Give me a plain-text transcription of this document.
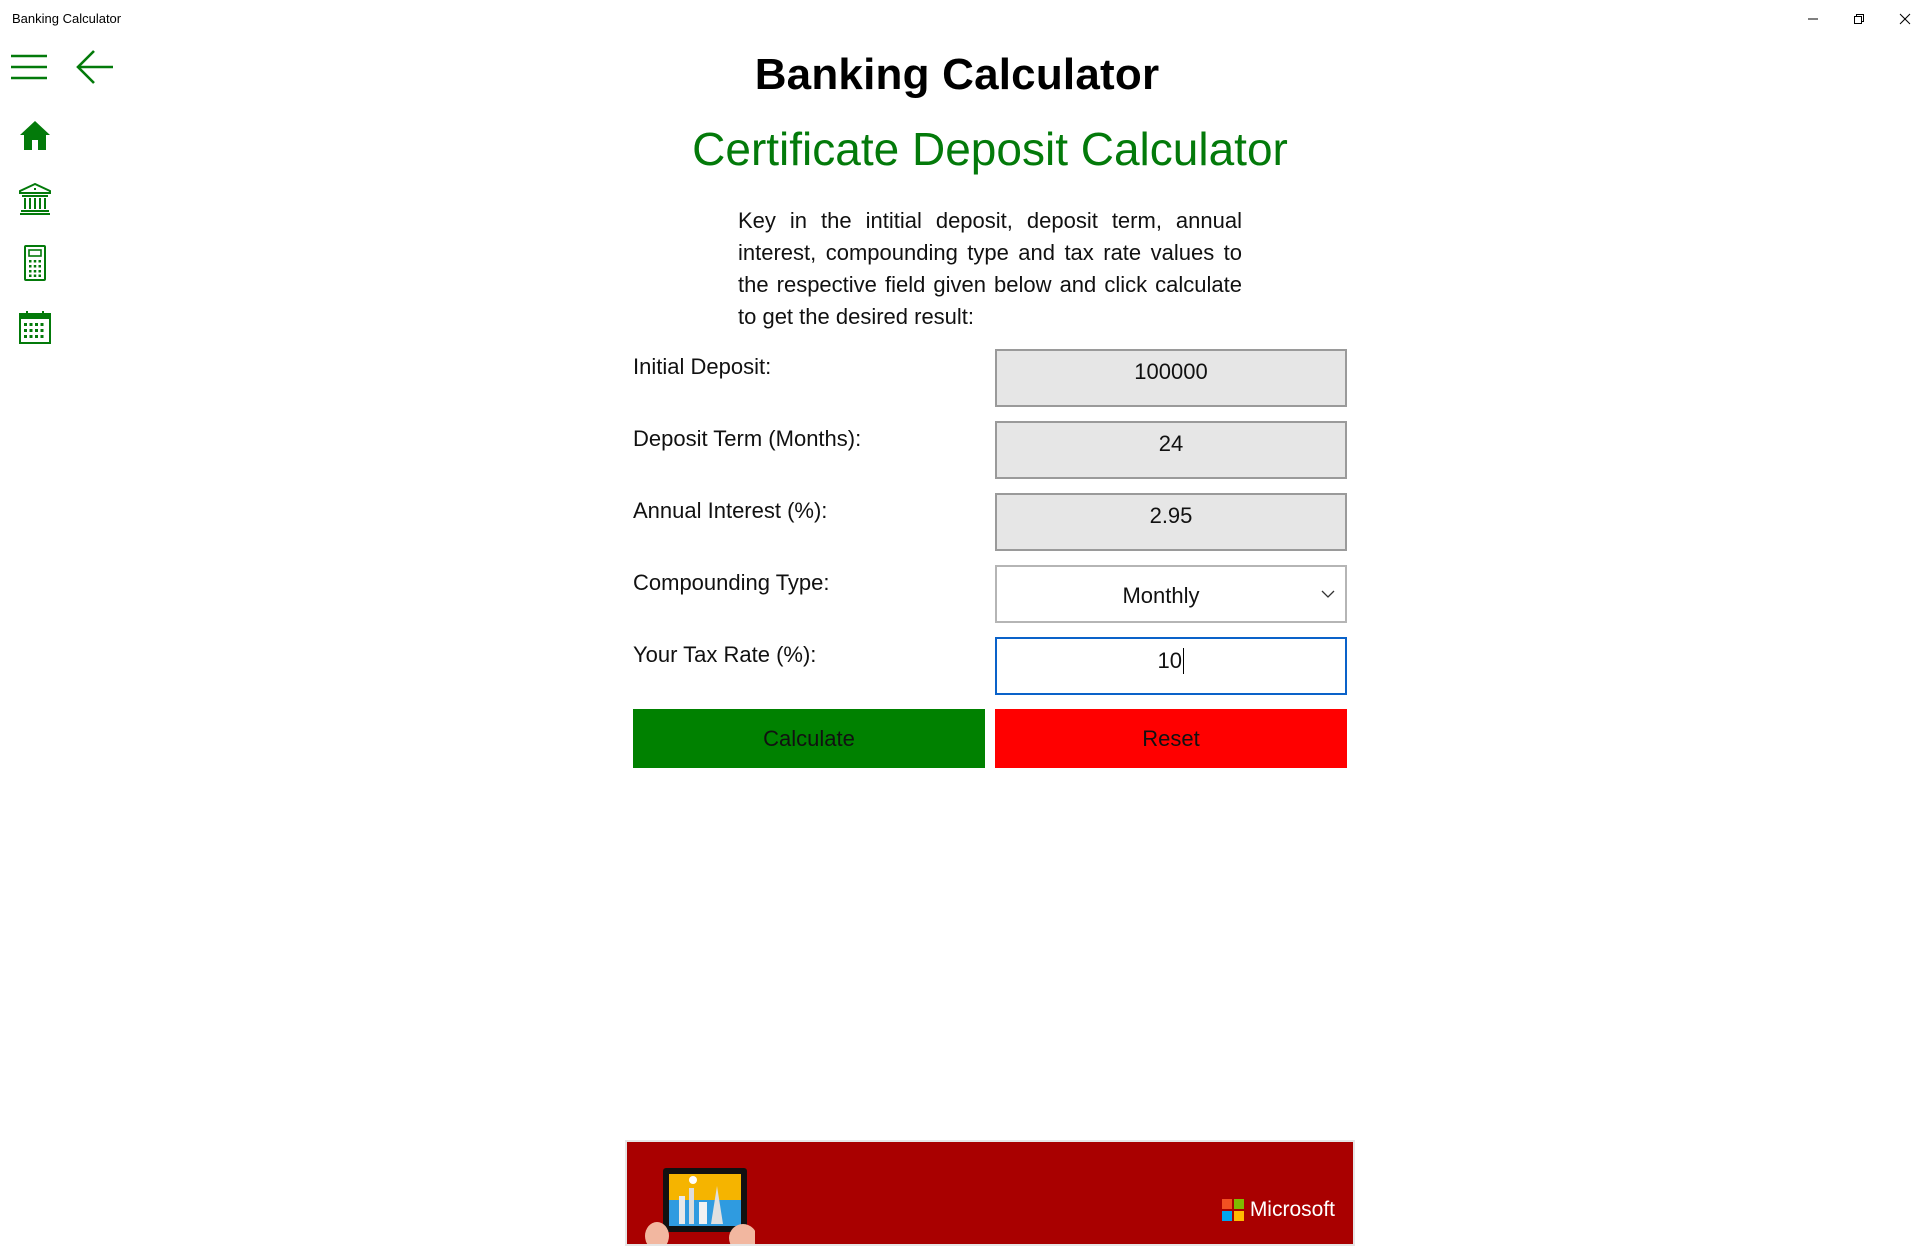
Banking Calculator
Banking Calculator
Certificate Deposit Calculator
Key in the intitial deposit, deposit term, annual interest, compounding type and tax rate values to the respective field given below and click calculate to get the desired result:
Initial Deposit:	100000
Deposit Term (Months):	24
Annual Interest (%):	2.95
Compounding Type:
Monthly
Your Tax Rate (%):	10
Calculate	Reset
Microsoft
